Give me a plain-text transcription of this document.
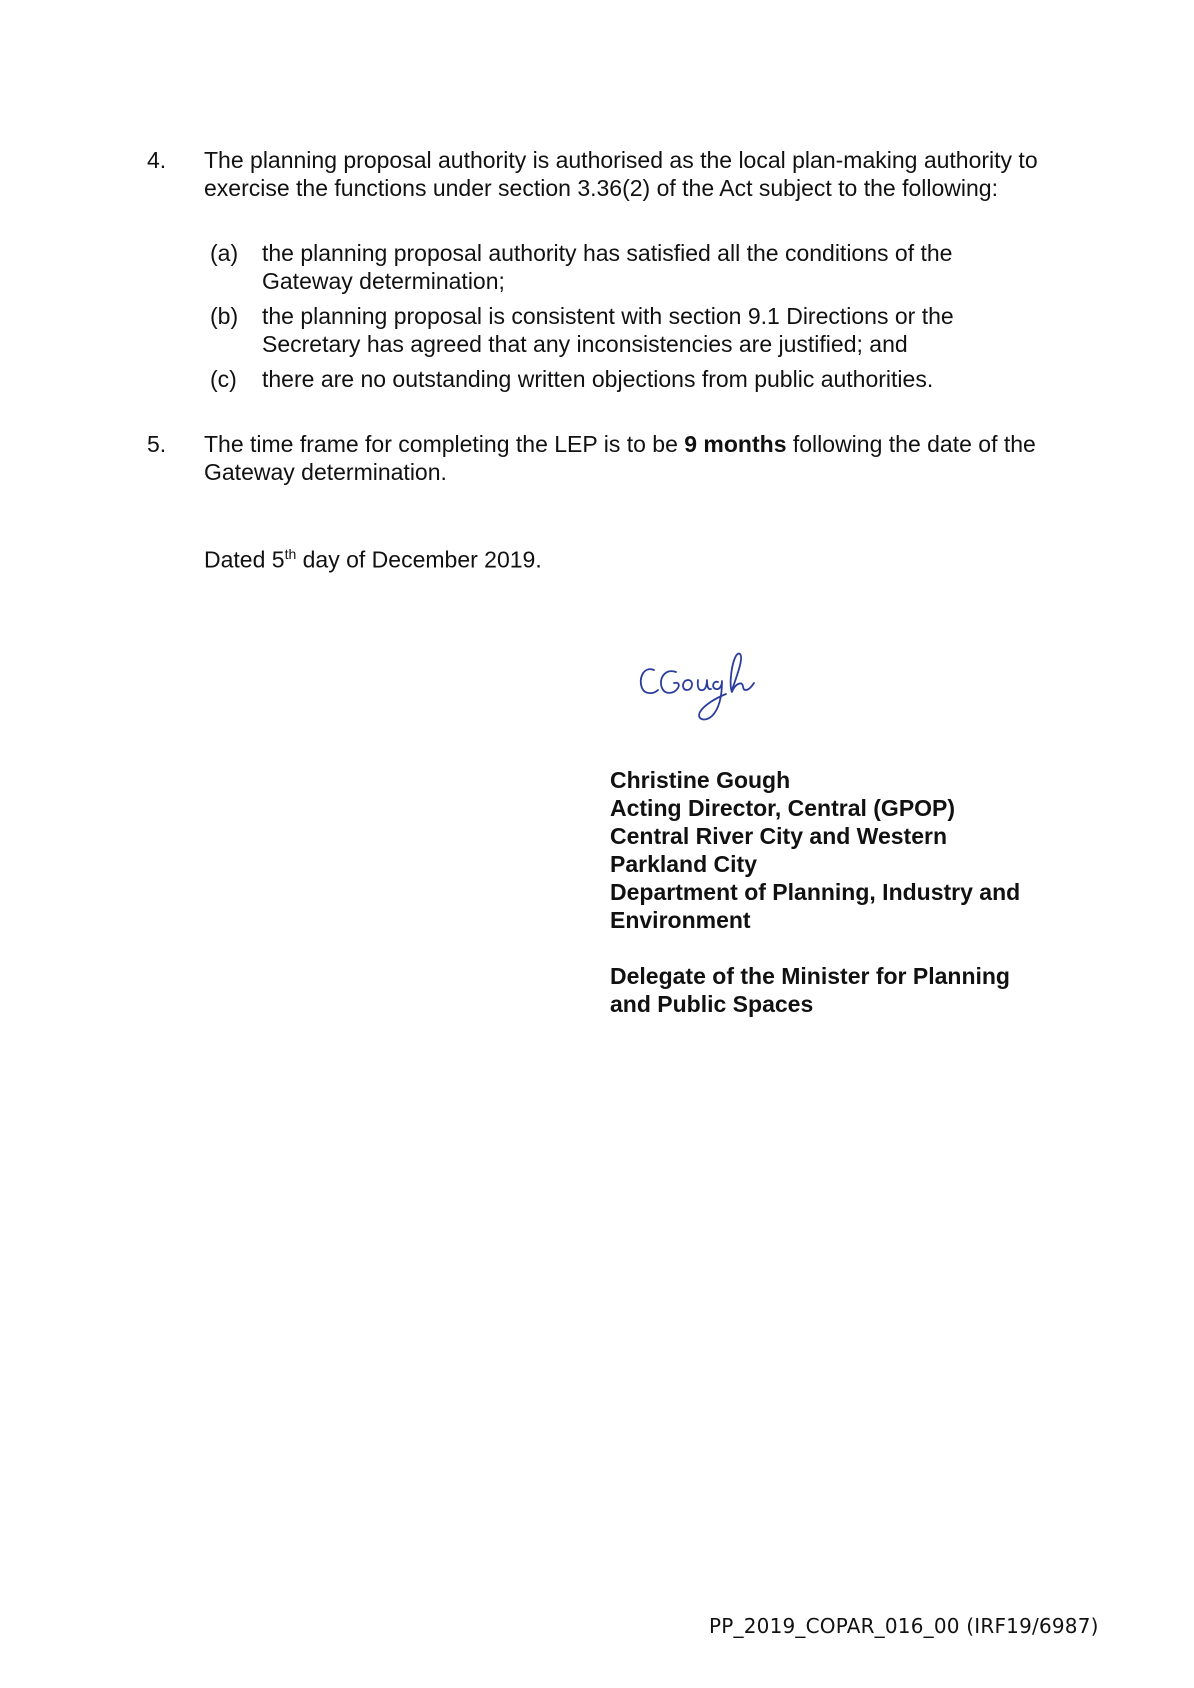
4. The planning proposal authority is authorised as the local plan-making authority to exercise the functions under section 3.36(2) of the Act subject to the following:
(a) the planning proposal authority has satisfied all the conditions of the Gateway determination;
(b) the planning proposal is consistent with section 9.1 Directions or the Secretary has agreed that any inconsistencies are justified; and
(c) there are no outstanding written objections from public authorities.
5. The time frame for completing the LEP is to be 9 months following the date of the Gateway determination.
Dated 5th day of December 2019.
Christine Gough
Acting Director, Central (GPOP)
Central River City and Western
Parkland City
Department of Planning, Industry and
Environment
Delegate of the Minister for Planning
and Public Spaces
PP_2019_COPAR_016_00 (IRF19/6987)
